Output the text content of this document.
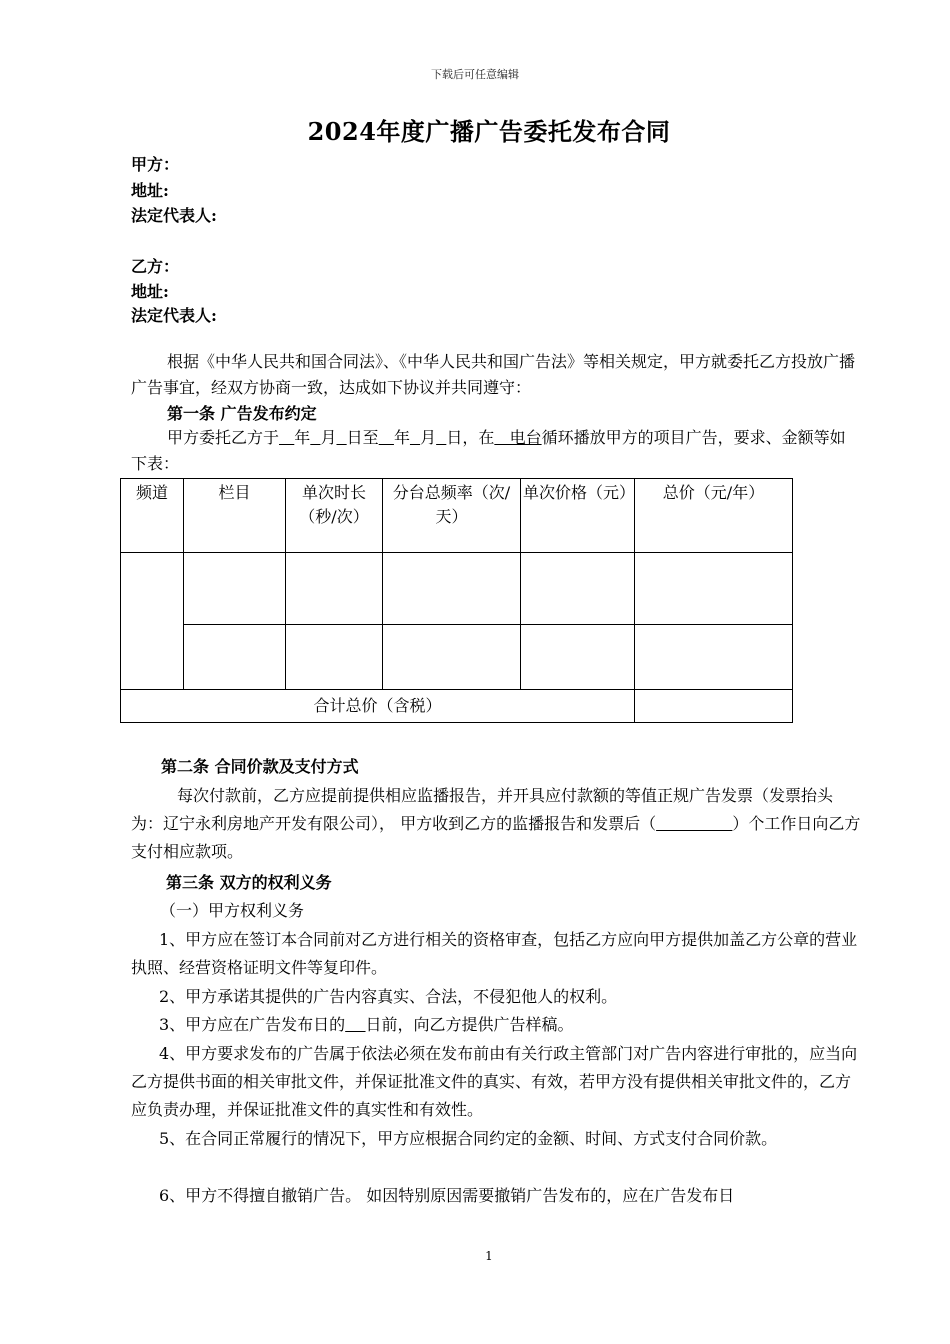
下载后可任意编辑
2024年度广播广告委托发布合同
甲方：
地址:
法定代表人:
乙方：
地址:
法定代表人:
根据《中华人民共和国合同法》、《中华人民共和国广告法》等相关规定，甲方就委托乙方投放广播广告事宜，经双方协商一致，达成如下协议并共同遵守：
第一条 广告发布约定
甲方委托乙方于 年 月 日至 年 月 日，在   电台循环播放甲方的项目广告，要求、金额等如下表：
频道	栏目	单次时长（秒/次）	分台总频率（次/天）	单次价格（元）	总价（元/年）

合计总价（含税）					
第二条 合同价款及支付方式
每次付款前，乙方应提前提供相应监播报告，并开具应付款额的等值正规广告发票（发票抬头为：辽宁永利房地产开发有限公司）， 甲方收到乙方的监播报告和发票后（	）个工作日向乙方支付相应款项。
第三条 双方的权利义务
（一）甲方权利义务
1、甲方应在签订本合同前对乙方进行相关的资格审查，包括乙方应向甲方提供加盖乙方公章的营业执照、经营资格证明文件等复印件。
2、甲方承诺其提供的广告内容真实、合法，不侵犯他人的权利。
3、甲方应在广告发布日的 日前，向乙方提供广告样稿。
4、甲方要求发布的广告属于依法必须在发布前由有关行政主管部门对广告内容进行审批的，应当向乙方提供书面的相关审批文件，并保证批准文件的真实、有效，若甲方没有提供相关审批文件的，乙方应负责办理，并保证批准文件的真实性和有效性。
5、在合同正常履行的情况下，甲方应根据合同约定的金额、时间、方式支付合同价款。
6、甲方不得擅自撤销广告。 如因特别原因需要撤销广告发布的，应在广告发布日
1
